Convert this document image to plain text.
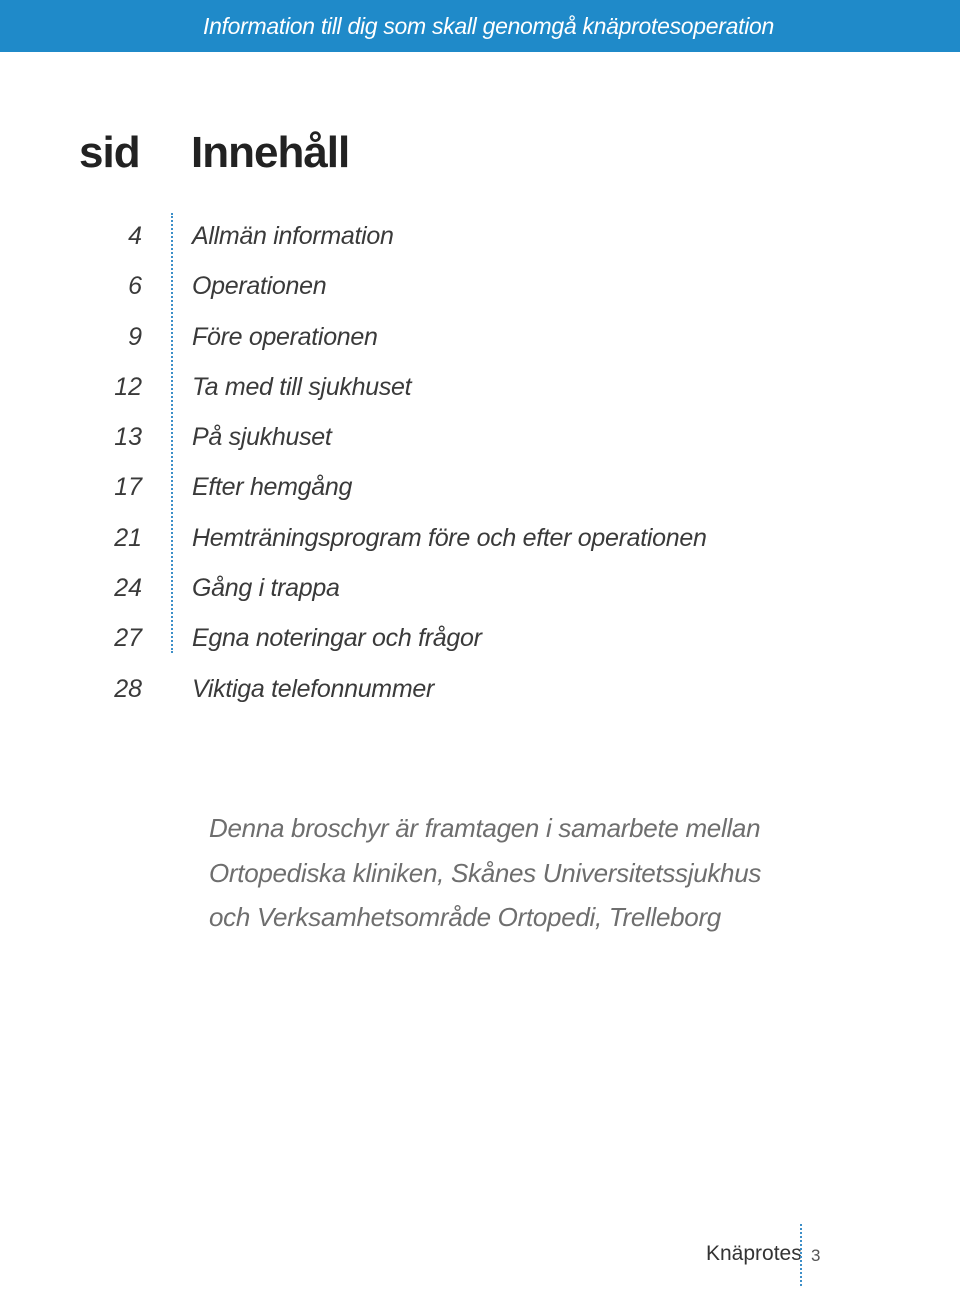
Information till dig som skall genomgå knäprotesoperation
sid Innehåll
4 Allmän information
6 Operationen
9 Före operationen
12 Ta med till sjukhuset
13 På sjukhuset
17 Efter hemgång
21 Hemträningsprogram före och efter operationen
24 Gång i trappa
27 Egna noteringar och frågor
28 Viktiga telefonnummer
Denna broschyr är framtagen i samarbete mellan
Ortopediska kliniken, Skånes Universitetssjukhus
och Verksamhetsområde Ortopedi, Trelleborg
Knäprotes 3
